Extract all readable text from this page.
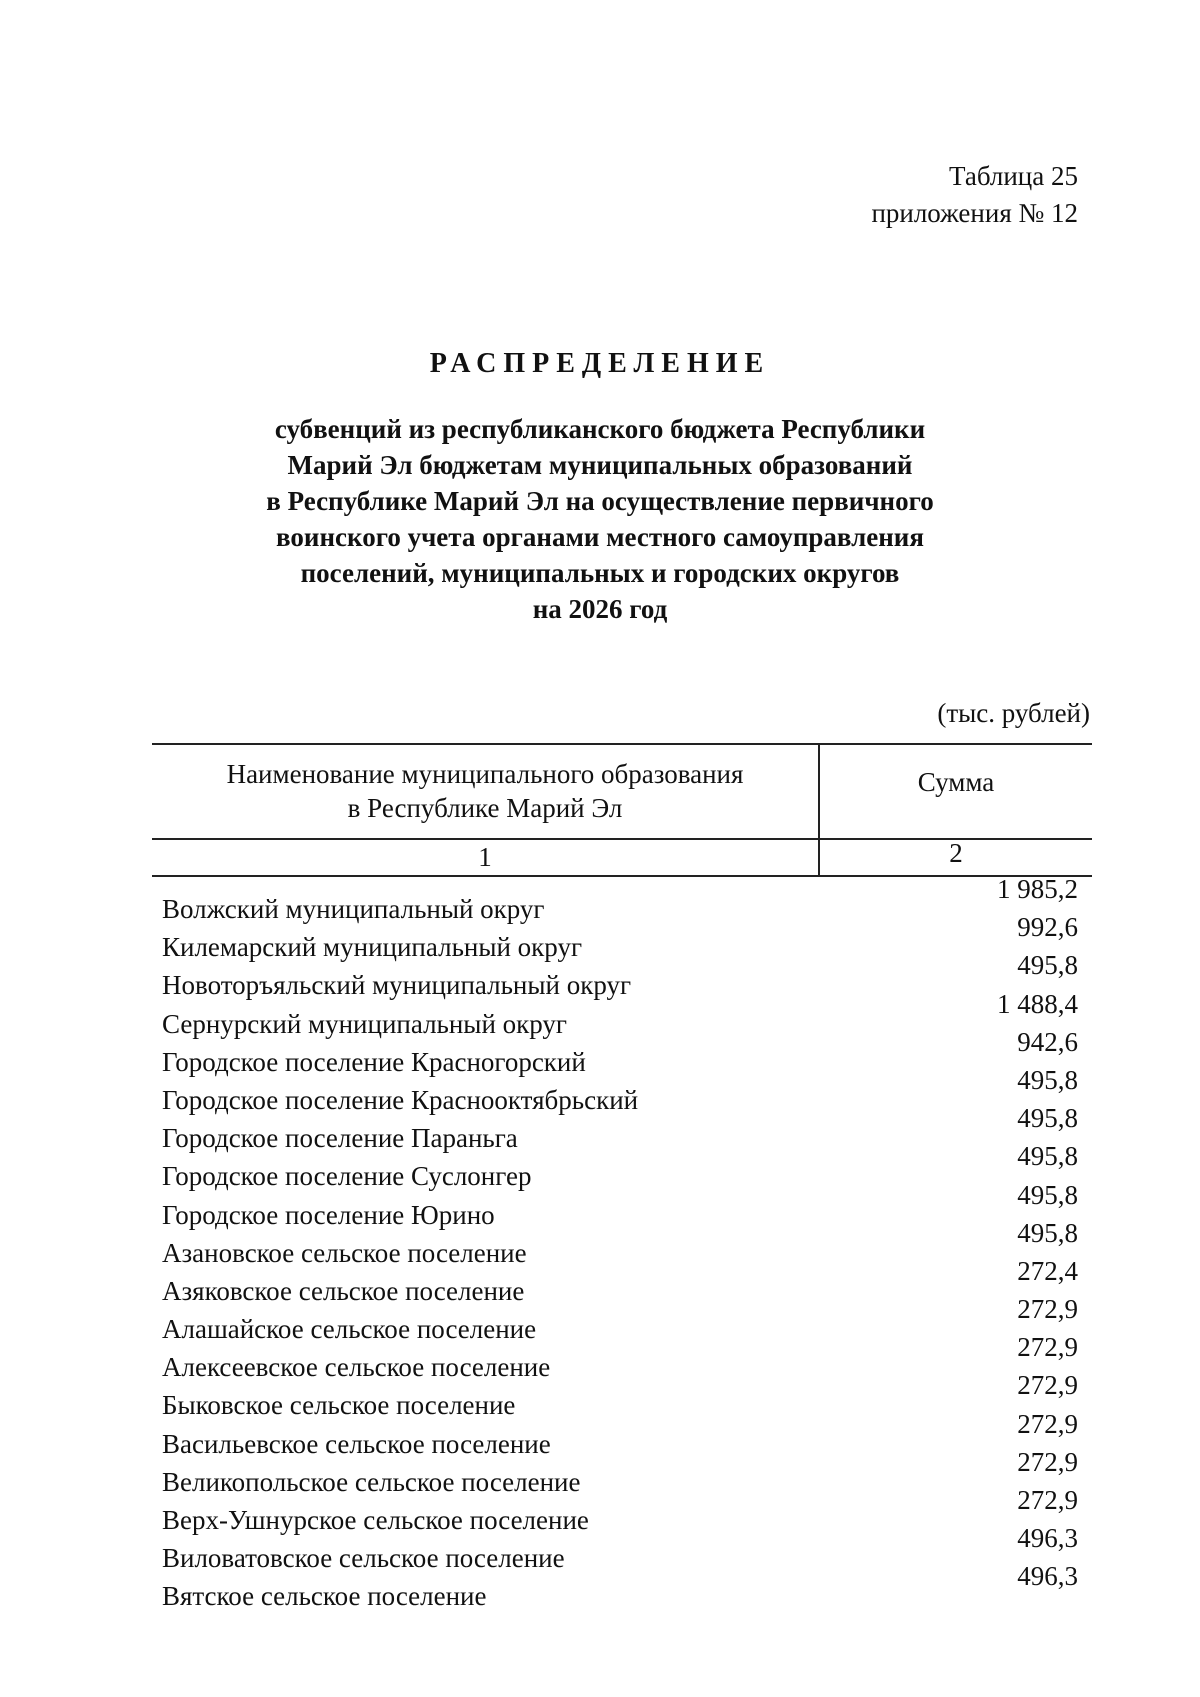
Таблица 25
приложения № 12
РАСПРЕДЕЛЕНИЕ
субвенций из республиканского бюджета Республики
Марий Эл бюджетам муниципальных образований
в Республике Марий Эл на осуществление первичного
воинского учета органами местного самоуправления
поселений, муниципальных и городских округов
на 2026 год
(тыс. рублей)
Наименование муниципального образования
в Республике Марий Эл
Сумма
1	2
Волжский муниципальный округ
1 985,2
Килемарский муниципальный округ
992,6
Новоторъяльский муниципальный округ
495,8
Сернурский муниципальный округ
1 488,4
Городское поселение Красногорский
942,6
Городское поселение Краснооктябрьский
495,8
Городское поселение Параньга
495,8
Городское поселение Суслонгер
495,8
Городское поселение Юрино
495,8
Азановское сельское поселение
495,8
Азяковское сельское поселение
272,4
Алашайское сельское поселение
272,9
Алексеевское сельское поселение
272,9
Быковское сельское поселение
272,9
Васильевское сельское поселение
272,9
Великопольское сельское поселение
272,9
Верх-Ушнурское сельское поселение
272,9
Виловатовское сельское поселение
496,3
Вятское сельское поселение
496,3
